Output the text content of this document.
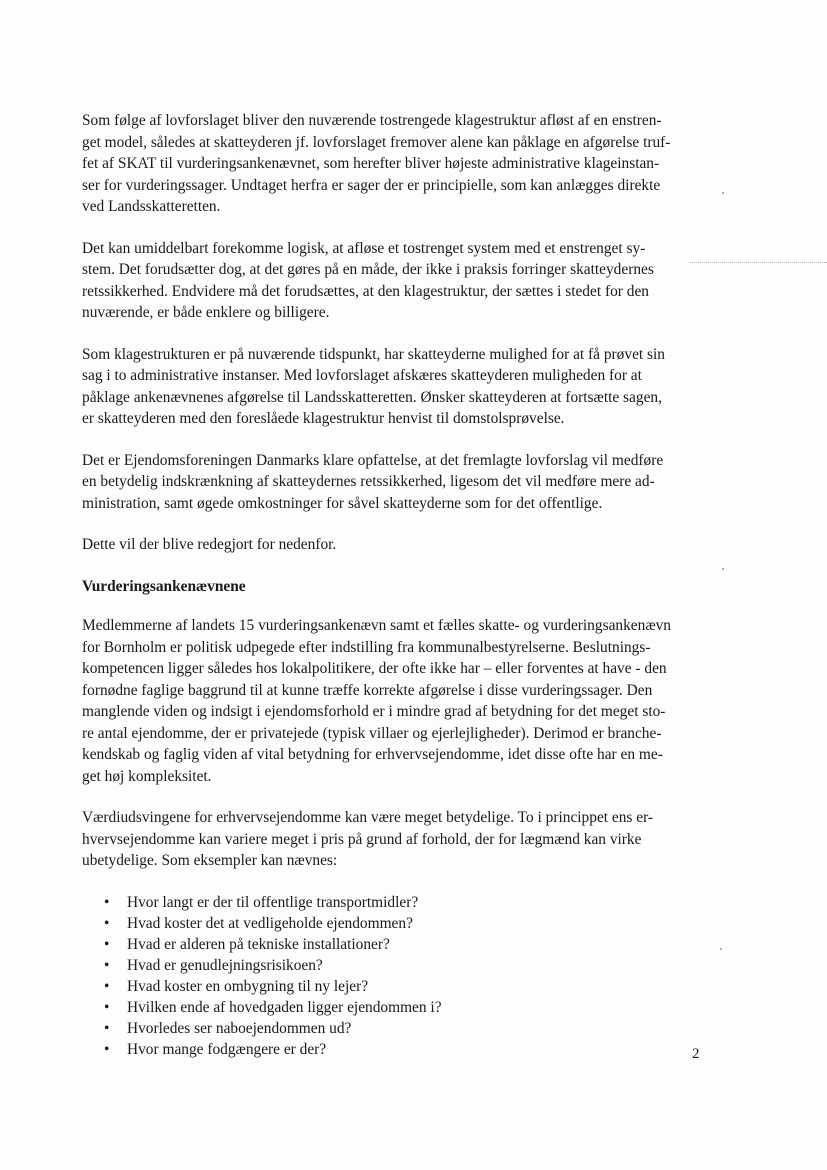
Som følge af lovforslaget bliver den nuværende tostrengede klagestruktur afløst af en enstren-
get model, således at skatteyderen jf. lovforslaget fremover alene kan påklage en afgørelse truf-
fet af SKAT til vurderingsankenævnet, som herefter bliver højeste administrative klageinstan-
ser for vurderingssager. Undtaget herfra er sager der er principielle, som kan anlægges direkte
ved Landsskatteretten.
Det kan umiddelbart forekomme logisk, at afløse et tostrenget system med et enstrenget sy-
stem. Det forudsætter dog, at det gøres på en måde, der ikke i praksis forringer skatteydernes
retssikkerhed. Endvidere må det forudsættes, at den klagestruktur, der sættes i stedet for den
nuværende, er både enklere og billigere.
Som klagestrukturen er på nuværende tidspunkt, har skatteyderne mulighed for at få prøvet sin
sag i to administrative instanser. Med lovforslaget afskæres skatteyderen muligheden for at
påklage ankenævnenes afgørelse til Landsskatteretten. Ønsker skatteyderen at fortsætte sagen,
er skatteyderen med den foreslåede klagestruktur henvist til domstolsprøvelse.
Det er Ejendomsforeningen Danmarks klare opfattelse, at det fremlagte lovforslag vil medføre
en betydelig indskrænkning af skatteydernes retssikkerhed, ligesom det vil medføre mere ad-
ministration, samt øgede omkostninger for såvel skatteyderne som for det offentlige.
Dette vil der blive redegjort for nedenfor.
Vurderingsankenævnene
Medlemmerne af landets 15 vurderingsankenævn samt et fælles skatte- og vurderingsankenævn
for Bornholm er politisk udpegede efter indstilling fra kommunalbestyrelserne. Beslutnings-
kompetencen ligger således hos lokalpolitikere, der ofte ikke har – eller forventes at have - den
fornødne faglige baggrund til at kunne træffe korrekte afgørelse i disse vurderingssager. Den
manglende viden og indsigt i ejendomsforhold er i mindre grad af betydning for det meget sto-
re antal ejendomme, der er privatejede (typisk villaer og ejerlejligheder). Derimod er branche-
kendskab og faglig viden af vital betydning for erhvervsejendomme, idet disse ofte har en me-
get høj kompleksitet.
Værdiudsvingene for erhvervsejendomme kan være meget betydelige. To i princippet ens er-
hvervsejendomme kan variere meget i pris på grund af forhold, der for lægmænd kan virke
ubetydelige. Som eksempler kan nævnes:
• Hvor langt er der til offentlige transportmidler?
• Hvad koster det at vedligeholde ejendommen?
• Hvad er alderen på tekniske installationer?
• Hvad er genudlejningsrisikoen?
• Hvad koster en ombygning til ny lejer?
• Hvilken ende af hovedgaden ligger ejendommen i?
• Hvorledes ser naboejendommen ud?
• Hvor mange fodgængere er der?	2
